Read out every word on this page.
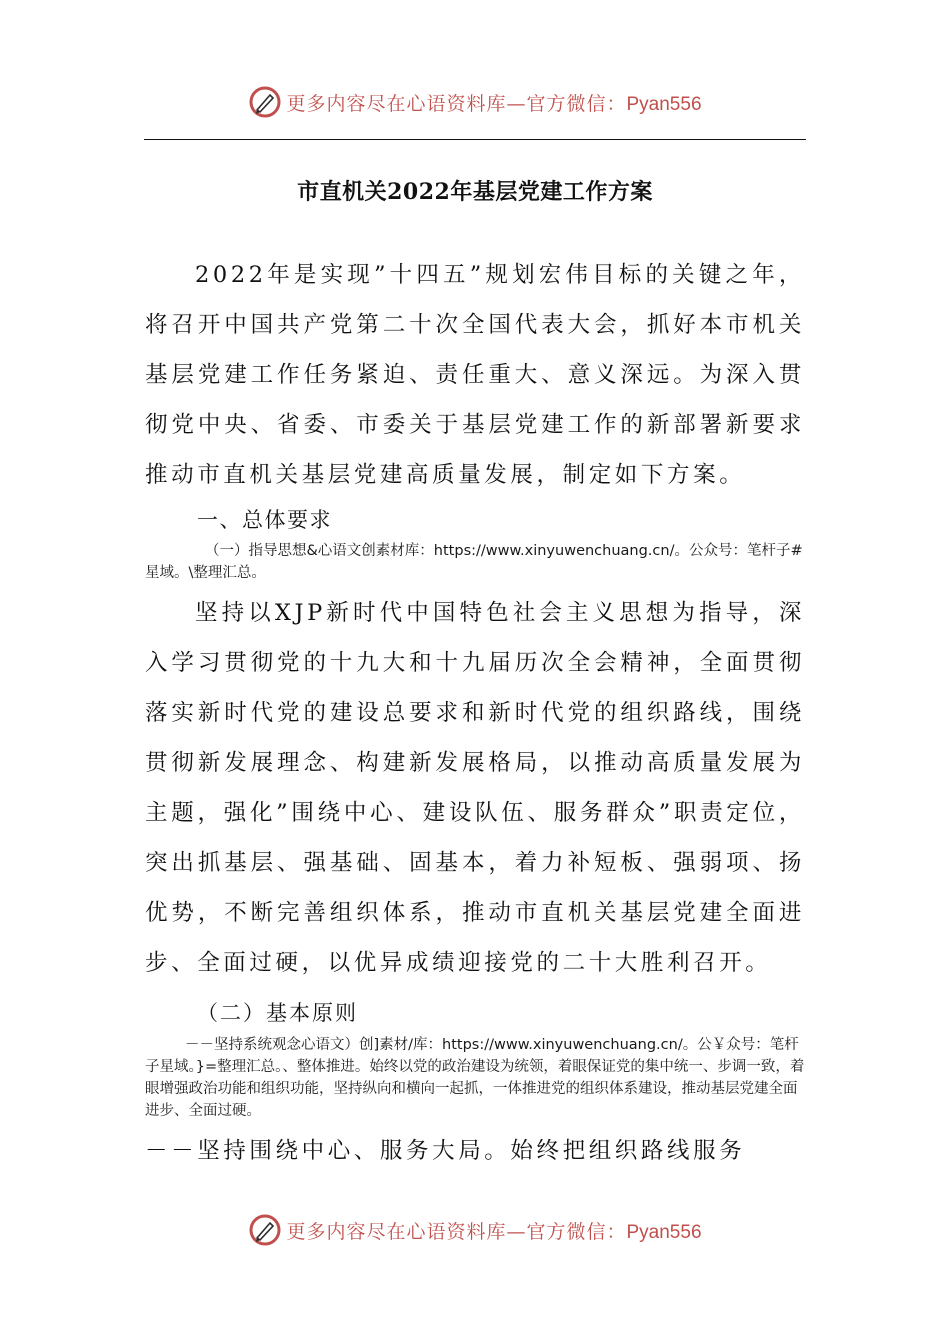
更多内容尽在心语资料库—官方微信：Pyan556
市直机关2022年基层党建工作方案

2022年是实现”十四五”规划宏伟目标的关键之年，将召开中国共产党第二十次全国代表大会，抓好本市机关基层党建工作任务紧迫、责任重大、意义深远。为深入贯彻党中央、省委、市委关于基层党建工作的新部署新要求推动市直机关基层党建高质量发展，制定如下方案。

一、总体要求

（一）指导思想&心语文创素材库：https://www.xinyuwenchuang.cn/。公众号：笔杆子#星域。\整理汇总。

坚持以XJP新时代中国特色社会主义思想为指导，深入学习贯彻党的十九大和十九届历次全会精神，全面贯彻落实新时代党的建设总要求和新时代党的组织路线，围绕贯彻新发展理念、构建新发展格局，以推动高质量发展为主题，强化”围绕中心、建设队伍、服务群众”职责定位，突出抓基层、强基础、固基本，着力补短板、强弱项、扬优势，不断完善组织体系，推动市直机关基层党建全面进步、全面过硬，以优异成绩迎接党的二十大胜利召开。

（二）基本原则

－－坚持系统观念心语文）创]素材/库：https://www.xinyuwenchuang.cn/。公￥众号：笔杆子星域。}=整理汇总。、整体推进。始终以党的政治建设为统领，着眼保证党的集中统一、步调一致，着眼增强政治功能和组织功能，坚持纵向和横向一起抓，一体推进党的组织体系建设，推动基层党建全面进步、全面过硬。

－－坚持围绕中心、服务大局。始终把组织路线服务

更多内容尽在心语资料库—官方微信：Pyan556
